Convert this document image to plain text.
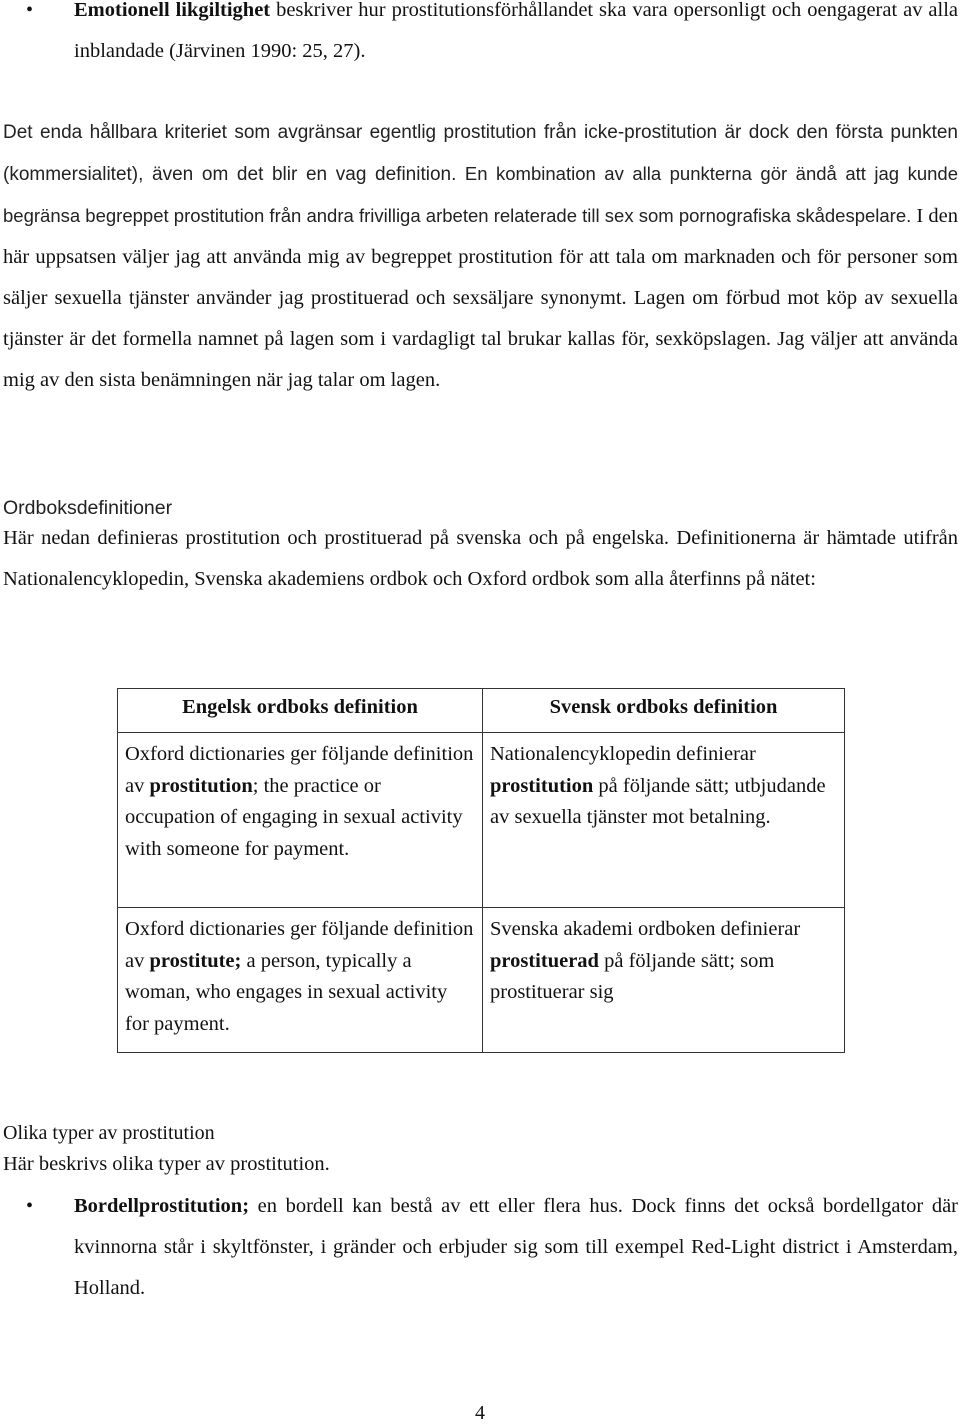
•	Emotionell likgiltighet beskriver hur prostitutionsförhållandet ska vara opersonligt och oengagerat av alla inblandade (Järvinen 1990: 25, 27).
Det enda hållbara kriteriet som avgränsar egentlig prostitution från icke-prostitution är dock den första punkten (kommersialitet), även om det blir en vag definition. En kombination av alla punkterna gör ändå att jag kunde begränsa begreppet prostitution från andra frivilliga arbeten relaterade till sex som pornografiska skådespelare. I den här uppsatsen väljer jag att använda mig av begreppet prostitution för att tala om marknaden och för personer som säljer sexuella tjänster använder jag prostituerad och sexsäljare synonymt. Lagen om förbud mot köp av sexuella tjänster är det formella namnet på lagen som i vardagligt tal brukar kallas för, sexköpslagen. Jag väljer att använda mig av den sista benämningen när jag talar om lagen.
Ordboksdefinitioner
Här nedan definieras prostitution och prostituerad på svenska och på engelska. Definitionerna är hämtade utifrån Nationalencyklopedin, Svenska akademiens ordbok och Oxford ordbok som alla återfinns på nätet:
Engelsk ordboks definition	Svensk ordboks definition
Oxford dictionaries ger följande definition av prostitution; the practice or occupation of engaging in sexual activity with someone for payment.	Nationalencyklopedin definierar prostitution på följande sätt; utbjudande av sexuella tjänster mot betalning.
Oxford dictionaries ger följande definition av prostitute; a person, typically a woman, who engages in sexual activity for payment.	Svenska akademi ordboken definierar prostituerad på följande sätt; som prostituerar sig
Olika typer av prostitution
Här beskrivs olika typer av prostitution.
•	Bordellprostitution; en bordell kan bestå av ett eller flera hus. Dock finns det också bordellgator där kvinnorna står i skyltfönster, i gränder och erbjuder sig som till exempel Red-Light district i Amsterdam, Holland.
4
